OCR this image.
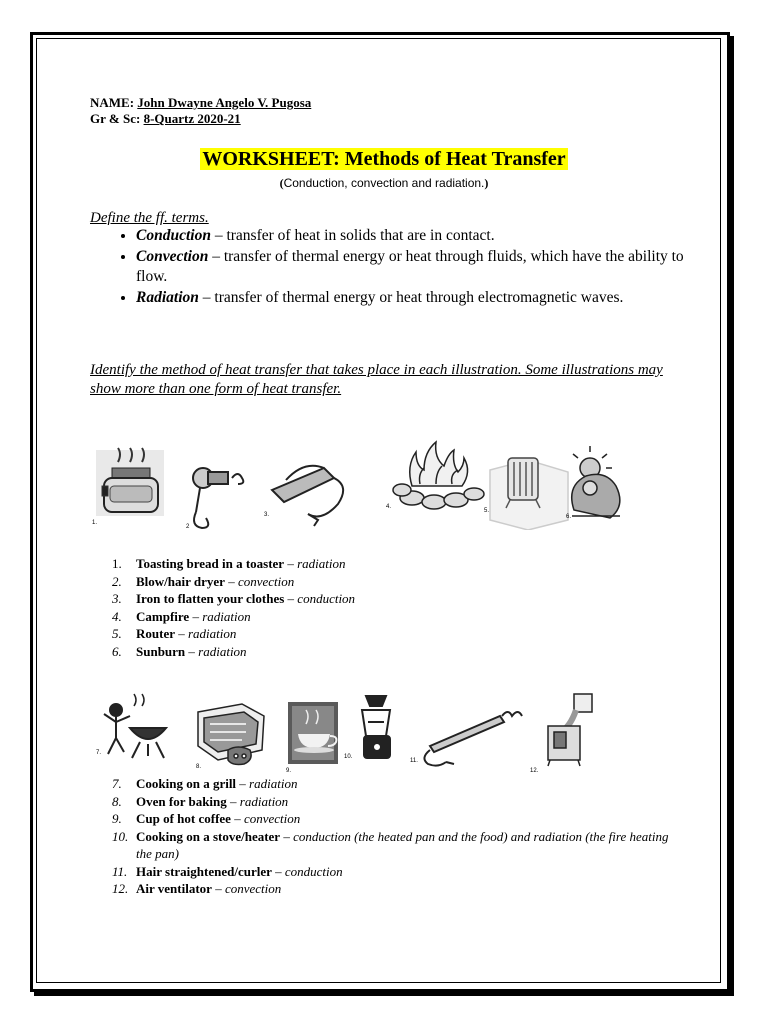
NAME: John Dwayne Angelo V. Pugosa
Gr & Sc: 8-Quartz 2020-21
WORKSHEET: Methods of Heat Transfer
(Conduction, convection and radiation.)
Define the ff. terms.
• Conduction – transfer of heat in solids that are in contact.
• Convection – transfer of thermal energy or heat through fluids, which have the ability to flow.
• Radiation – transfer of thermal energy or heat through electromagnetic waves.
Identify the method of heat transfer that takes place in each illustration. Some illustrations may show more than one form of heat transfer.
1.
2
3.
4.
5.
6.
1.	Toasting bread in a toaster – radiation
2.	Blow/hair dryer – convection
3.	Iron to flatten your clothes – conduction
4.	Campfire – radiation
5.	Router – radiation
6.	Sunburn – radiation
7.
8.
9.
10.
11.
12.
7.	Cooking on a grill – radiation
8.	Oven for baking – radiation
9.	Cup of hot coffee – convection
10. Cooking on a stove/heater – conduction (the heated pan and the food) and radiation (the fire heating the pan)
11. Hair straightened/curler – conduction
12. Air ventilator – convection
